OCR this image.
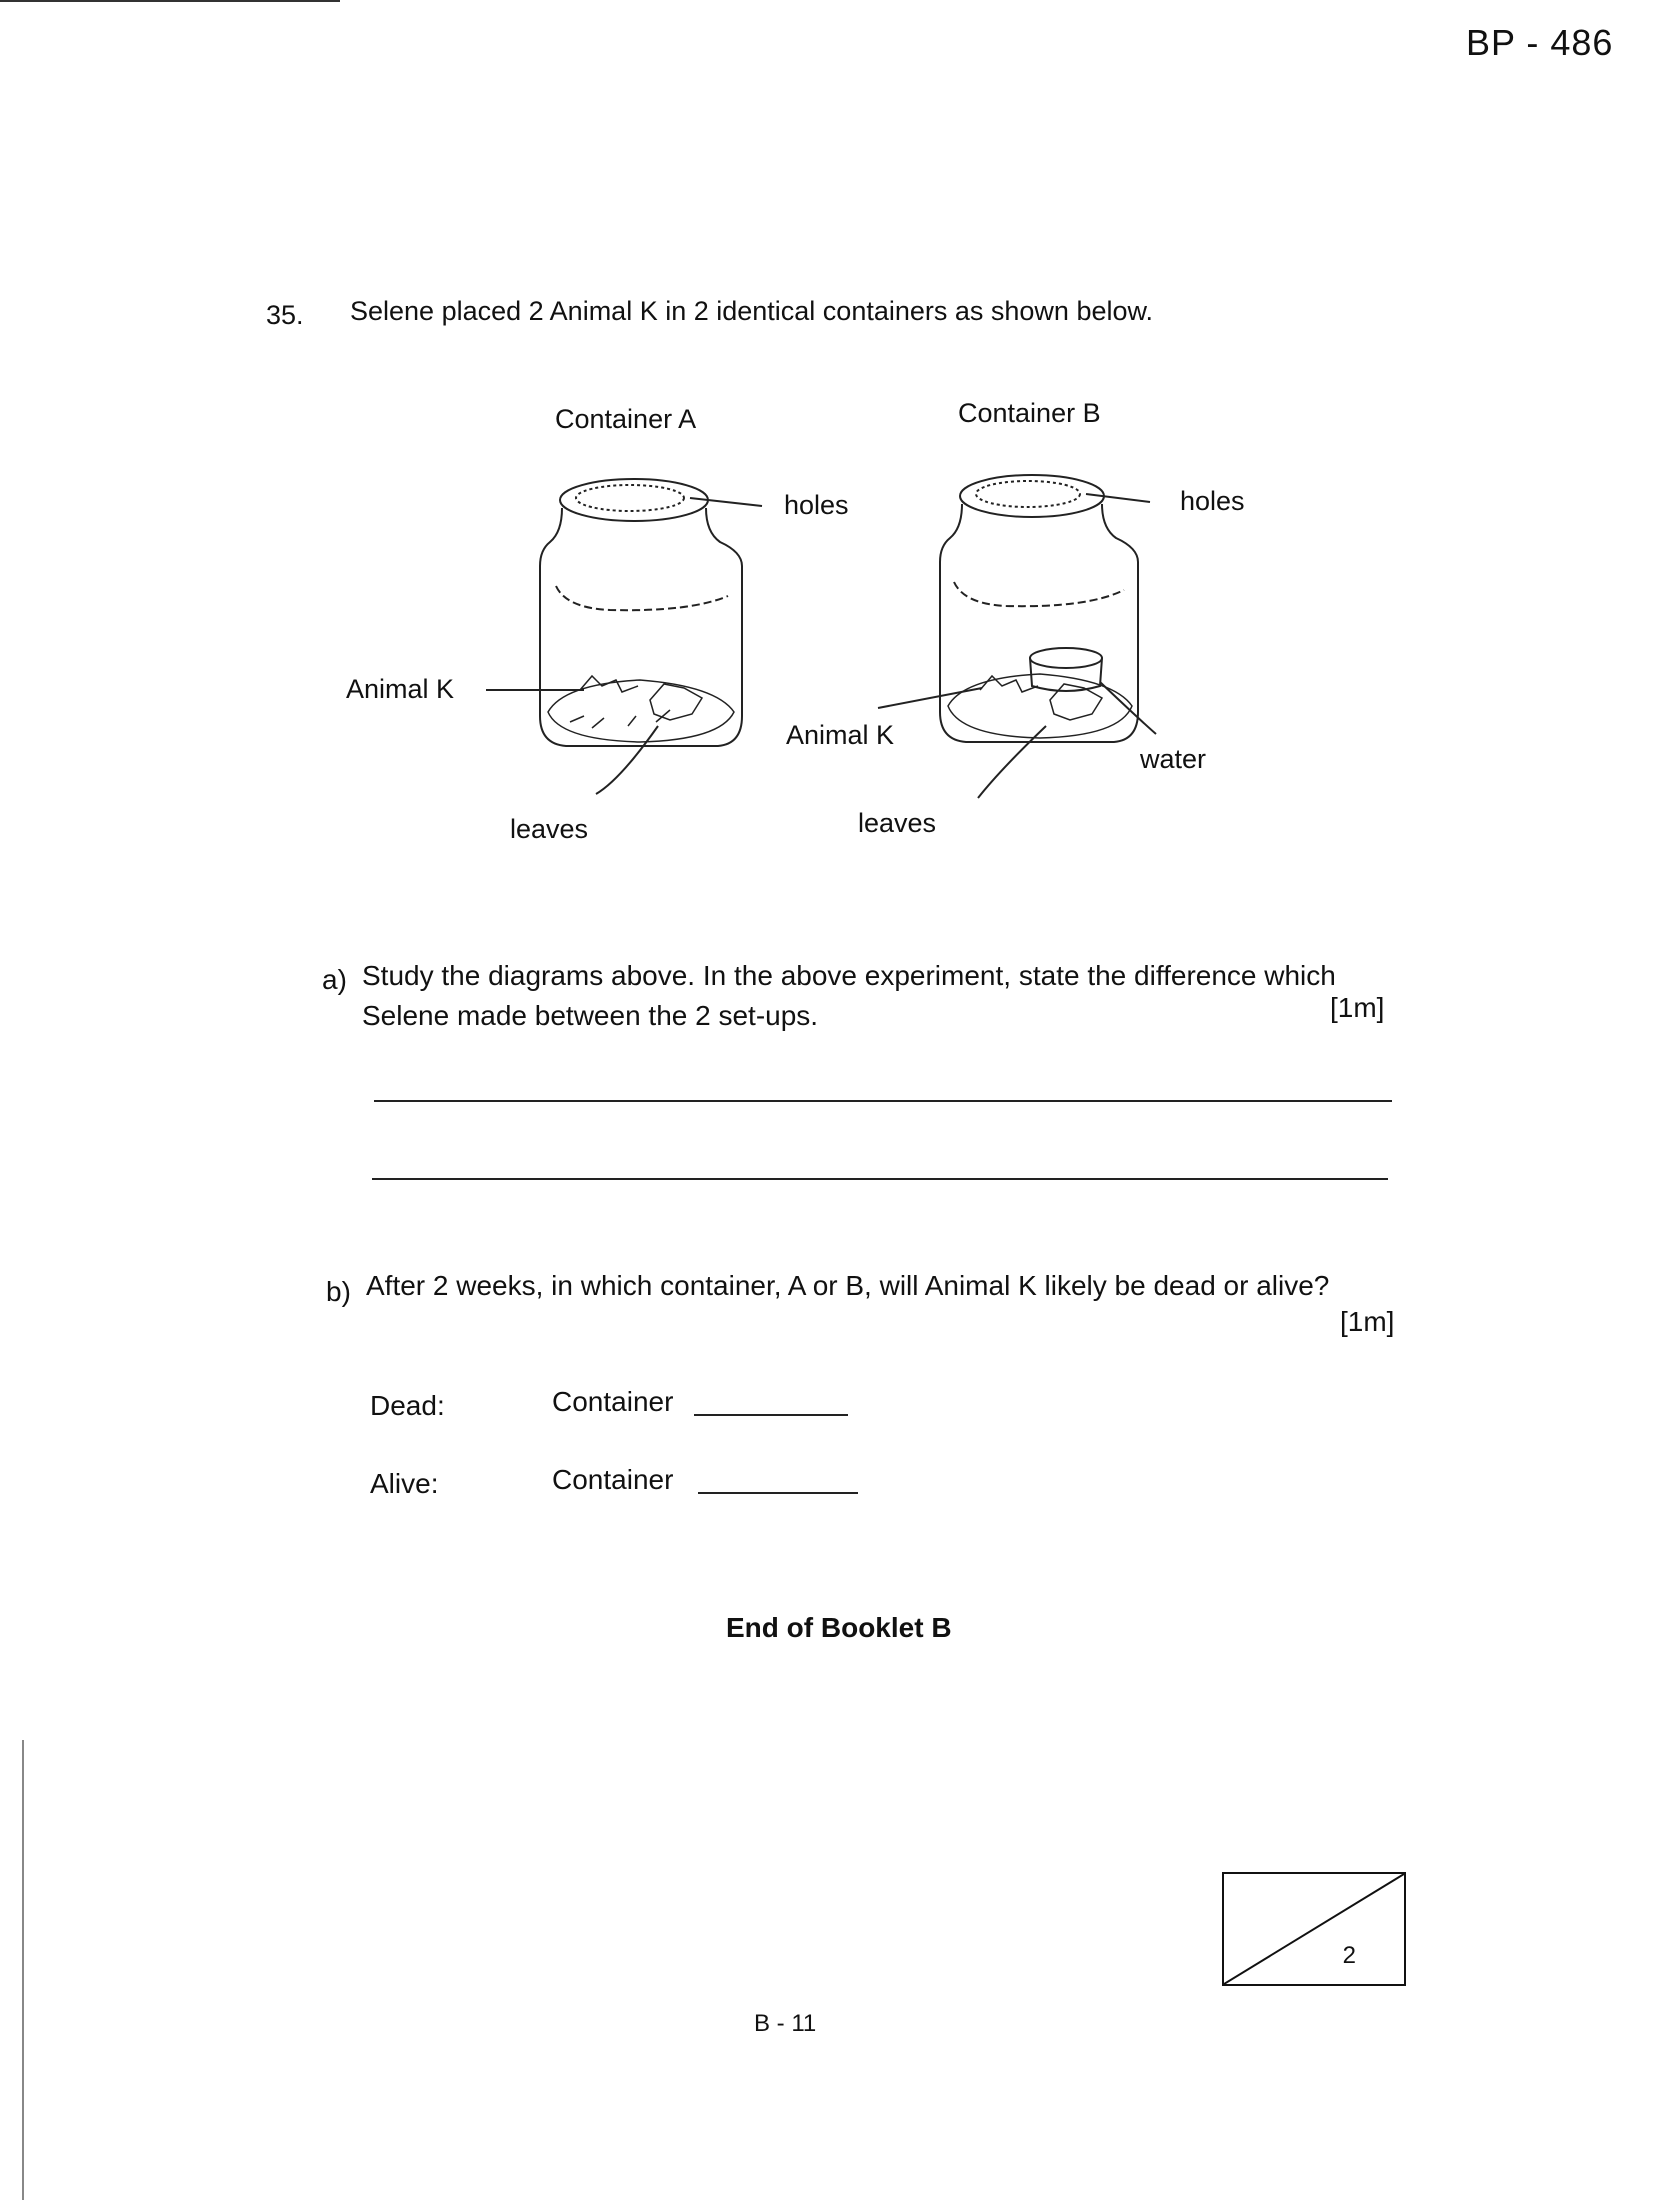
BP - 486
35. Selene placed 2 Animal K in 2 identical containers as shown below.
Container A	Container B
holes	holes
Animal K
Animal K
leaves	leaves
water
a) Study the diagrams above. In the above experiment, state the difference which
Selene made between the 2 set-ups.	[1m]
b) After 2 weeks, in which container, A or B, will Animal K likely be dead or alive?
[1m]
Dead:	Container
Alive:	Container
End of Booklet B
2
B - 11
